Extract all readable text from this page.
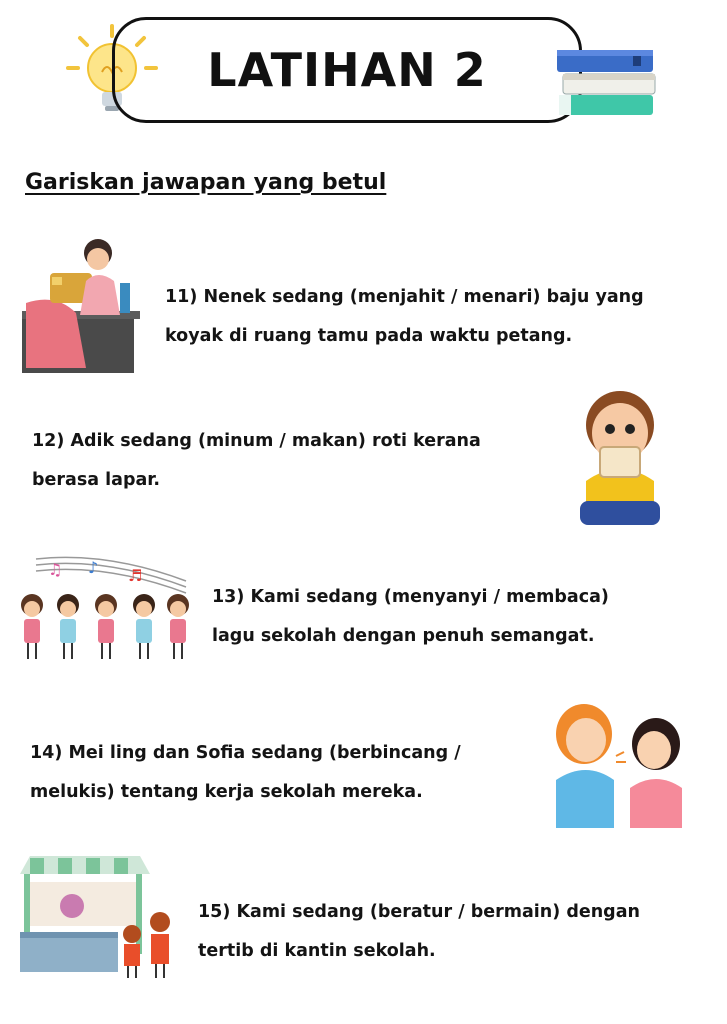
LATIHAN 2
Gariskan jawapan yang betul
11) Nenek sedang (menjahit / menari) baju yang
koyak di ruang tamu pada waktu petang.
12) Adik sedang (minum / makan) roti kerana
berasa lapar.
♫ ♪ ♬
13) Kami sedang (menyanyi / membaca)
lagu sekolah dengan penuh semangat.
14) Mei ling dan Sofia sedang (berbincang /
melukis) tentang kerja sekolah mereka.
15) Kami sedang (beratur / bermain) dengan
tertib di kantin sekolah.
